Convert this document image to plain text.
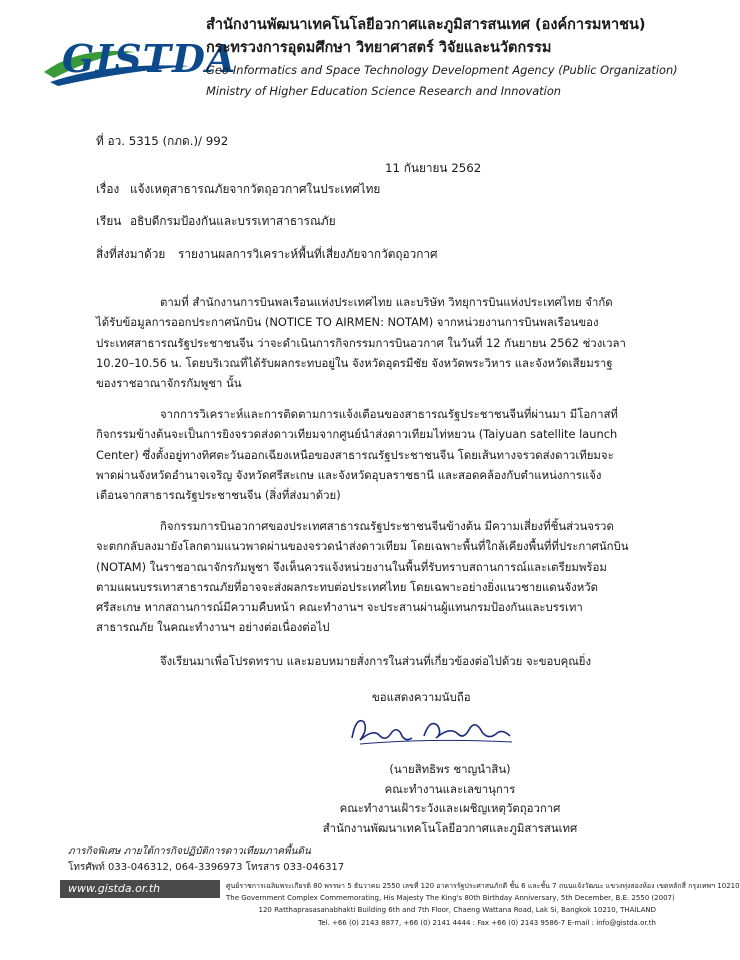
GISTDA
สำนักงานพัฒนาเทคโนโลยีอวกาศและภูมิสารสนเทศ (องค์การมหาชน)
กระทรวงการอุดมศึกษา วิทยาศาสตร์ วิจัยและนวัตกรรม
Geo-Informatics and Space Technology Development Agency (Public Organization)
Ministry of Higher Education Science Research and Innovation
ที่ อว. 5315 (กภด.)/ 992
11 กันยายน 2562
เรื่อง แจ้งเหตุสาธารณภัยจากวัตถุอวกาศในประเทศไทย
เรียน อธิบดีกรมป้องกันและบรรเทาสาธารณภัย
สิ่งที่ส่งมาด้วย รายงานผลการวิเคราะห์พื้นที่เสี่ยงภัยจากวัตถุอวกาศ
ตามที่ สำนักงานการบินพลเรือนแห่งประเทศไทย และบริษัท วิทยุการบินแห่งประเทศไทย จำกัด
ได้รับข้อมูลการออกประกาศนักบิน (NOTICE TO AIRMEN: NOTAM) จากหน่วยงานการบินพลเรือนของ
ประเทศสาธารณรัฐประชาชนจีน ว่าจะดำเนินการกิจกรรมการบินอวกาศ ในวันที่ 12 กันยายน 2562 ช่วงเวลา
10.20–10.56 น. โดยบริเวณที่ได้รับผลกระทบอยู่ใน จังหวัดอุดรมีชัย จังหวัดพระวิหาร และจังหวัดเสียมราฐ
ของราชอาณาจักรกัมพูชา นั้น
จากการวิเคราะห์และการติดตามการแจ้งเตือนของสาธารณรัฐประชาชนจีนที่ผ่านมา มีโอกาสที่
กิจกรรมข้างต้นจะเป็นการยิงจรวดส่งดาวเทียมจากศูนย์นำส่งดาวเทียมไท่หยวน (Taiyuan satellite launch
Center) ซึ่งตั้งอยู่ทางทิศตะวันออกเฉียงเหนือของสาธารณรัฐประชาชนจีน โดยเส้นทางจรวดส่งดาวเทียมจะ
พาดผ่านจังหวัดอำนาจเจริญ จังหวัดศรีสะเกษ และจังหวัดอุบลราชธานี และสอดคล้องกับตำแหน่งการแจ้ง
เตือนจากสาธารณรัฐประชาชนจีน (สิ่งที่ส่งมาด้วย)
กิจกรรมการบินอวกาศของประเทศสาธารณรัฐประชาชนจีนข้างต้น มีความเสี่ยงที่ชิ้นส่วนจรวด
จะตกกลับลงมายังโลกตามแนวพาดผ่านของจรวดนำส่งดาวเทียม โดยเฉพาะพื้นที่ใกล้เคียงพื้นที่ที่ประกาศนักบิน
(NOTAM) ในราชอาณาจักรกัมพูชา จึงเห็นควรแจ้งหน่วยงานในพื้นที่รับทราบสถานการณ์และเตรียมพร้อม
ตามแผนบรรเทาสาธารณภัยที่อาจจะส่งผลกระทบต่อประเทศไทย โดยเฉพาะอย่างยิ่งแนวชายแดนจังหวัด
ศรีสะเกษ หากสถานการณ์มีความคืบหน้า คณะทำงานฯ จะประสานผ่านผู้แทนกรมป้องกันและบรรเทา
สาธารณภัย ในคณะทำงานฯ อย่างต่อเนื่องต่อไป
จึงเรียนมาเพื่อโปรดทราบ และมอบหมายสั่งการในส่วนที่เกี่ยวข้องต่อไปด้วย จะขอบคุณยิ่ง
ขอแสดงความนับถือ
(นายสิทธิพร ชาญนำสิน)
คณะทำงานและเลขานุการ
คณะทำงานเฝ้าระวังและเผชิญเหตุวัตถุอวกาศ
สำนักงานพัฒนาเทคโนโลยีอวกาศและภูมิสารสนเทศ
ภารกิจพิเศษ ภายใต้การกิจปฏิบัติการดาวเทียมภาคพื้นดิน
โทรศัพท์ 033-046312, 064-3396973 โทรสาร 033-046317
www.gistda.or.th	ศูนย์ราชการเฉลิมพระเกียรติ 80 พรรษา 5 ธันวาคม 2550 เลขที่ 120 อาคารรัฐประศาสนภักดี ชั้น 6 และชั้น 7 ถนนแจ้งวัฒนะ แขวงทุ่งสองห้อง เขตหลักสี่ กรุงเทพฯ 10210
The Government Complex Commemorating, His Majesty The King's 80th Birthday Anniversary, 5th December, B.E. 2550 (2007)
120 Ratthaprasasanabhakti Building 6th and 7th Floor, Chaeng Wattana Road, Lak Si, Bangkok 10210, THAILAND
Tel. +66 (0) 2143 8877, +66 (0) 2141 4444 : Fax +66 (0) 2143 9586-7 E-mail : info@gistda.or.th
